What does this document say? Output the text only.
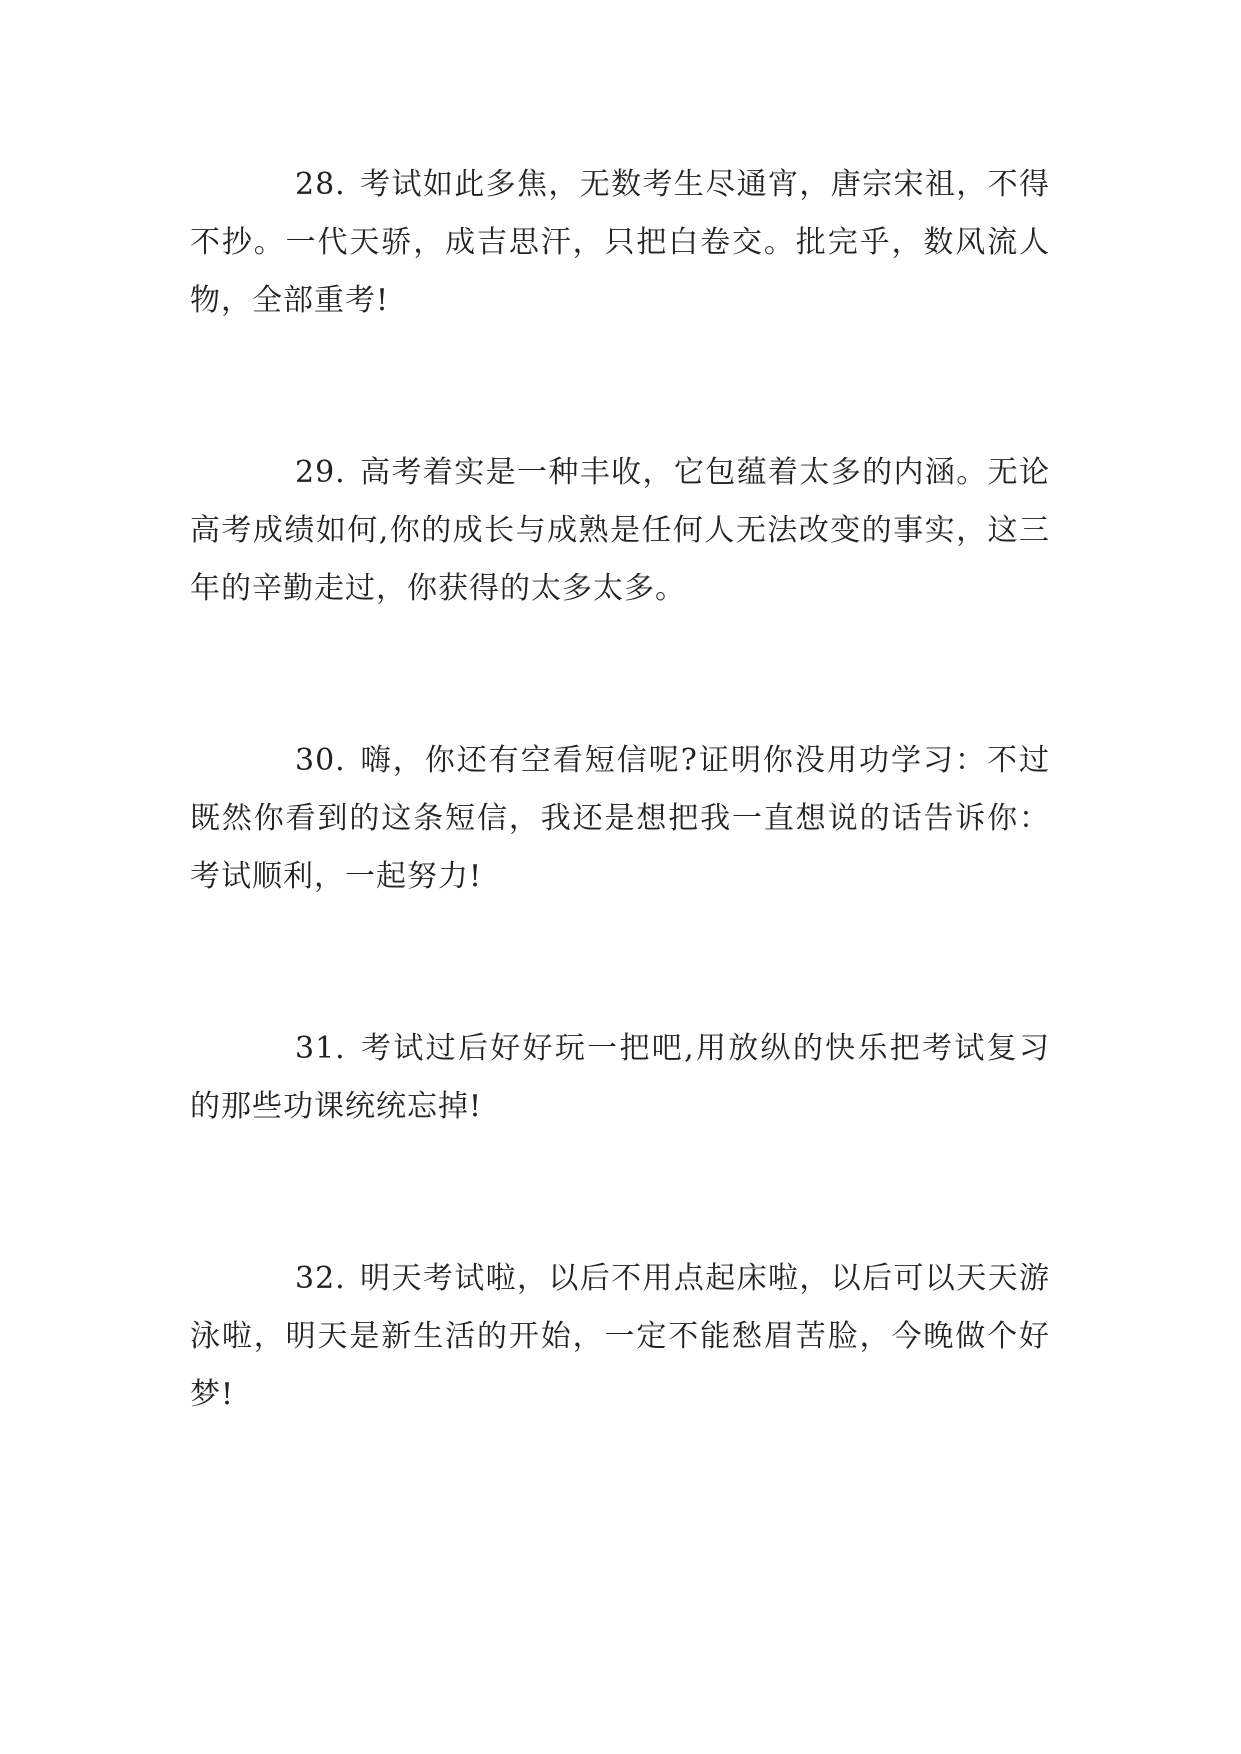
28. 考试如此多焦，无数考生尽通宵，唐宗宋祖，不得不抄。一代天骄，成吉思汗，只把白卷交。批完乎，数风流人物，全部重考!

29. 高考着实是一种丰收，它包蕴着太多的内涵。无论高考成绩如何,你的成长与成熟是任何人无法改变的事实，这三年的辛勤走过，你获得的太多太多。

30. 嗨，你还有空看短信呢?证明你没用功学习：不过既然你看到的这条短信，我还是想把我一直想说的话告诉你：考试顺利，一起努力!

31. 考试过后好好玩一把吧,用放纵的快乐把考试复习的那些功课统统忘掉!

32. 明天考试啦，以后不用点起床啦，以后可以天天游泳啦，明天是新生活的开始，一定不能愁眉苦脸，今晚做个好梦!
